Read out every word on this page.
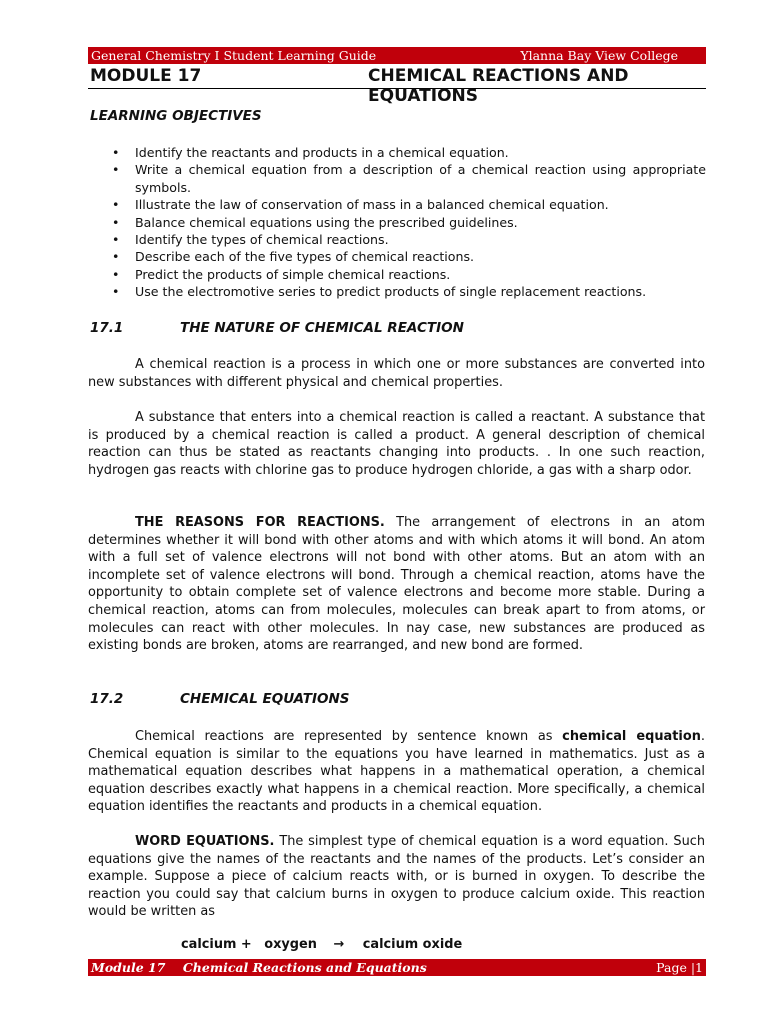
General Chemistry I Student Learning Guide	Ylanna Bay View College
MODULE 17	CHEMICAL REACTIONS AND EQUATIONS
LEARNING OBJECTIVES
• Identify the reactants and products in a chemical equation.
• Write a chemical equation from a description of a chemical reaction using appropriate symbols.
• Illustrate the law of conservation of mass in a balanced chemical equation.
• Balance chemical equations using the prescribed guidelines.
• Identify the types of chemical reactions.
• Describe each of the five types of chemical reactions.
• Predict the products of simple chemical reactions.
• Use the electromotive series to predict products of single replacement reactions.
17.1	THE NATURE OF CHEMICAL REACTION
A chemical reaction is a process in which one or more substances are converted into new substances with different physical and chemical properties.
A substance that enters into a chemical reaction is called a reactant. A substance that is produced by a chemical reaction is called a product. A general description of chemical reaction can thus be stated as reactants changing into products. . In one such reaction, hydrogen gas reacts with chlorine gas to produce hydrogen chloride, a gas with a sharp odor.
THE REASONS FOR REACTIONS. The arrangement of electrons in an atom determines whether it will bond with other atoms and with which atoms it will bond. An atom with a full set of valence electrons will not bond with other atoms. But an atom with an incomplete set of valence electrons will bond. Through a chemical reaction, atoms have the opportunity to obtain complete set of valence electrons and become more stable. During a chemical reaction, atoms can from molecules, molecules can break apart to from atoms, or molecules can react with other molecules. In nay case, new substances are produced as existing bonds are broken, atoms are rearranged, and new bond are formed.
17.2	CHEMICAL EQUATIONS
Chemical reactions are represented by sentence known as chemical equation. Chemical equation is similar to the equations you have learned in mathematics. Just as a mathematical equation describes what happens in a mathematical operation, a chemical equation describes exactly what happens in a chemical reaction. More specifically, a chemical equation identifies the reactants and products in a chemical equation.
WORD EQUATIONS. The simplest type of chemical equation is a word equation. Such equations give the names of the reactants and the names of the products. Let’s consider an example. Suppose a piece of calcium reacts with, or is burned in oxygen. To describe the reaction you could say that calcium burns in oxygen to produce calcium oxide. This reaction would be written as
calcium + oxygen → calcium oxide
Module 17    Chemical Reactions and Equations	Page |1
